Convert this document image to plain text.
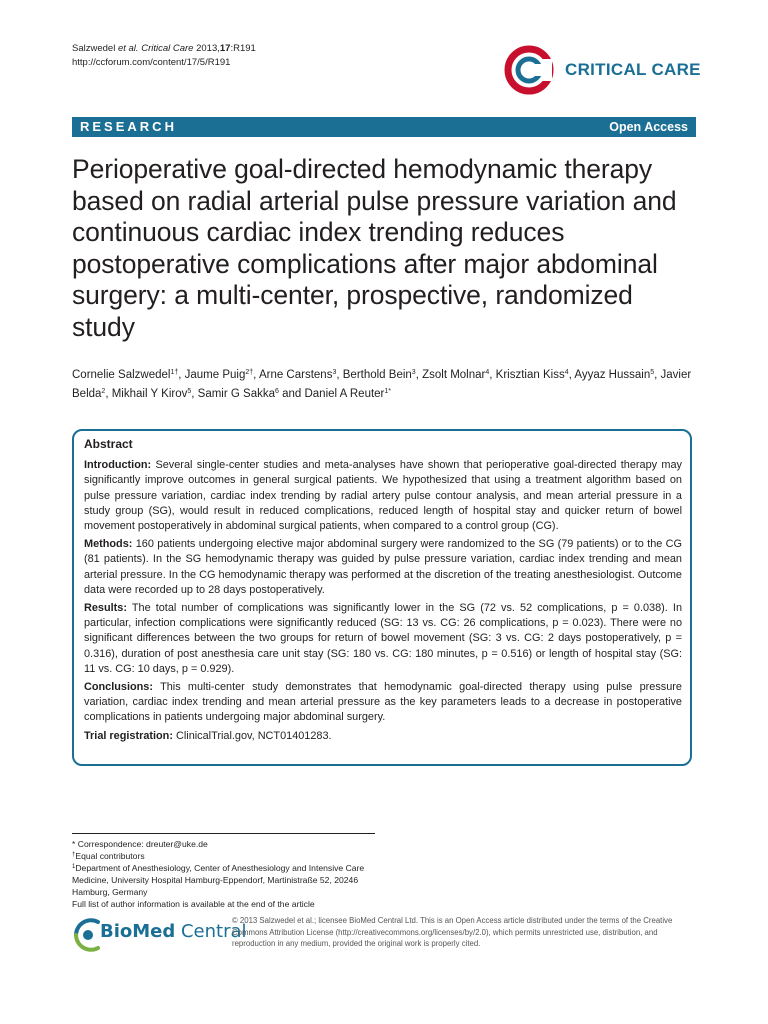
Salzwedel et al. Critical Care 2013,17:R191
http://ccforum.com/content/17/5/R191	CRITICAL CARE
RESEARCH	Open Access
Perioperative goal-directed hemodynamic therapy based on radial arterial pulse pressure variation and continuous cardiac index trending reduces postoperative complications after major abdominal surgery: a multi-center, prospective, randomized study
Cornelie Salzwedel$^{1\dagger}$, Jaume Puig$^{2\dagger}$, Arne Carstens$^3$, Berthold Bein$^3$, Zsolt Molnar$^4$, Krisztian Kiss$^4$, Ayyaz Hussain$^5$, Javier Belda$^2$, Mikhail Y Kirov$^5$, Samir G Sakka$^6$ and Daniel A Reuter$^{1*}$
Abstract

Introduction: Several single-center studies and meta-analyses have shown that perioperative goal-directed therapy may significantly improve outcomes in general surgical patients. We hypothesized that using a treatment algorithm based on pulse pressure variation, cardiac index trending by radial artery pulse contour analysis, and mean arterial pressure in a study group (SG), would result in reduced complications, reduced length of hospital stay and quicker return of bowel movement postoperatively in abdominal surgical patients, when compared to a control group (CG).

Methods: 160 patients undergoing elective major abdominal surgery were randomized to the SG (79 patients) or to the CG (81 patients). In the SG hemodynamic therapy was guided by pulse pressure variation, cardiac index trending and mean arterial pressure. In the CG hemodynamic therapy was performed at the discretion of the treating anesthesiologist. Outcome data were recorded up to 28 days postoperatively.

Results: The total number of complications was significantly lower in the SG (72 vs. 52 complications, p = 0.038). In particular, infection complications were significantly reduced (SG: 13 vs. CG: 26 complications, p = 0.023). There were no significant differences between the two groups for return of bowel movement (SG: 3 vs. CG: 2 days postoperatively, p = 0.316), duration of post anesthesia care unit stay (SG: 180 vs. CG: 180 minutes, p = 0.516) or length of hospital stay (SG: 11 vs. CG: 10 days, p = 0.929).

Conclusions: This multi-center study demonstrates that hemodynamic goal-directed therapy using pulse pressure variation, cardiac index trending and mean arterial pressure as the key parameters leads to a decrease in postoperative complications in patients undergoing major abdominal surgery.

Trial registration: ClinicalTrial.gov, NCT01401283.

* Correspondence: dreuter@uke.de
†Equal contributors
$^1$Department of Anesthesiology, Center of Anesthesiology and Intensive Care Medicine, University Hospital Hamburg-Eppendorf, Martinistraße 52, 20246 Hamburg, Germany
Full list of author information is available at the end of the article
BioMed Central
© 2013 Salzwedel et al.; licensee BioMed Central Ltd. This is an Open Access article distributed under the terms of the Creative Commons Attribution License (http://creativecommons.org/licenses/by/2.0), which permits unrestricted use, distribution, and reproduction in any medium, provided the original work is properly cited.
